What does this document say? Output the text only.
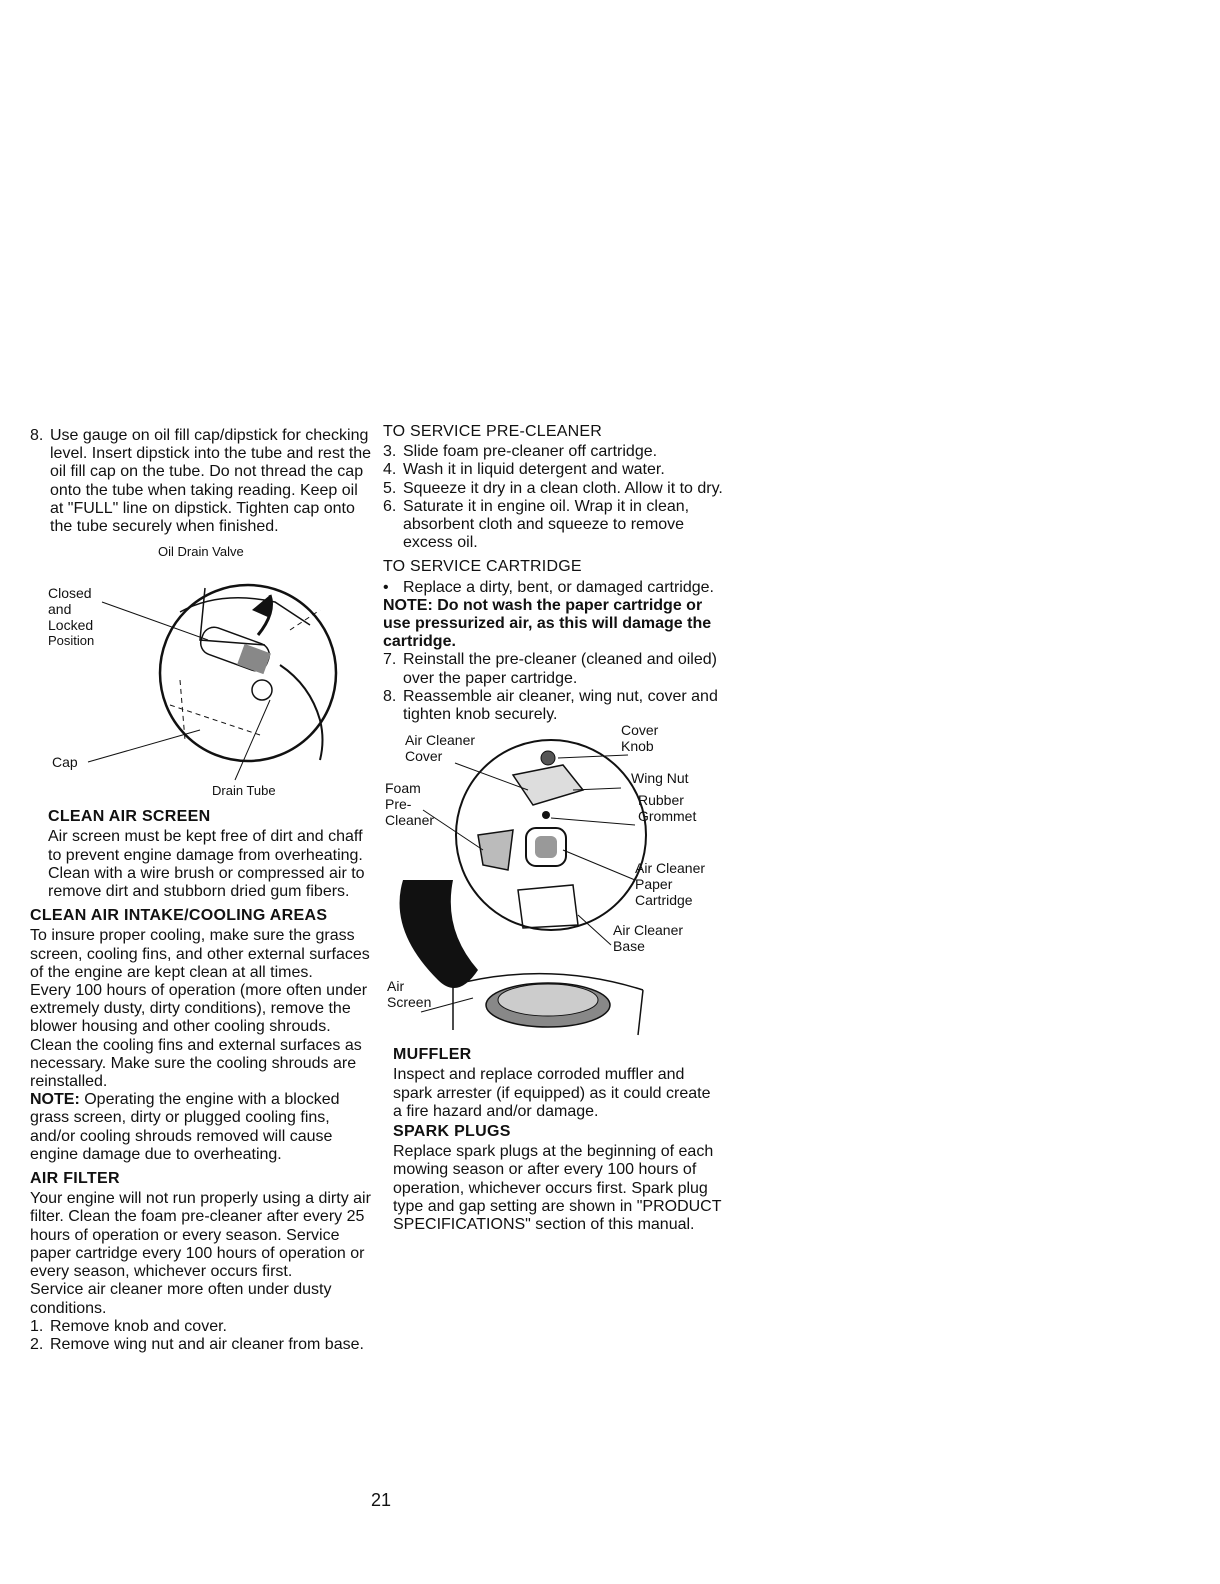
8. Use gauge on oil fill cap/dipstick for checking level. Insert dipstick into the tube and rest the oil fill cap on the tube. Do not thread the cap onto the tube when taking reading. Keep oil at "FULL" line on dipstick. Tighten cap onto the tube securely when finished.
Oil Drain Valve
Closed
and
Locked
Position
Cap
Drain Tube
CLEAN AIR SCREEN

Air screen must be kept free of dirt and chaff to prevent engine damage from overheating. Clean with a wire brush or compressed air to remove dirt and stubborn dried gum fibers.

CLEAN AIR INTAKE/COOLING AREAS

To insure proper cooling, make sure the grass screen, cooling fins, and other external surfaces of the engine are kept clean at all times.

Every 100 hours of operation (more often under extremely dusty, dirty conditions), remove the blower housing and other cooling shrouds. Clean the cooling fins and external surfaces as necessary. Make sure the cooling shrouds are reinstalled.

NOTE: Operating the engine with a blocked grass screen, dirty or plugged cooling fins, and/or cooling shrouds removed will cause engine damage due to overheating.

AIR FILTER

Your engine will not run properly using a dirty air filter. Clean the foam pre-cleaner after every 25 hours of operation or every season. Service paper cartridge every 100 hours of operation or every season, whichever occurs first.

Service air cleaner more often under dusty conditions.

1. Remove knob and cover.
2. Remove wing nut and air cleaner from base.
TO SERVICE PRE-CLEANER
3. Slide foam pre-cleaner off cartridge.
4. Wash it in liquid detergent and water.
5. Squeeze it dry in a clean cloth. Allow it to dry.
6. Saturate it in engine oil. Wrap it in clean, absorbent cloth and squeeze to remove excess oil.
TO SERVICE CARTRIDGE
• Replace a dirty, bent, or damaged cartridge.

NOTE: Do not wash the paper cartridge or use pressurized air, as this will damage the cartridge.

7. Reinstall the pre-cleaner (cleaned and oiled) over the paper cartridge.
8. Reassemble air cleaner, wing nut, cover and tighten knob securely.
Air Cleaner
Cover
Cover
Knob
Wing Nut
Foam
Pre-
Cleaner
Rubber
Grommet
Air Cleaner
Paper
Cartridge
Air Cleaner
Base
Air
Screen
MUFFLER

Inspect and replace corroded muffler and spark arrester (if equipped) as it could create a fire hazard and/or damage.

SPARK PLUGS

Replace spark plugs at the beginning of each mowing season or after every 100 hours of operation, whichever occurs first. Spark plug type and gap setting are shown in "PRODUCT SPECIFICATIONS" section of this manual.

21
